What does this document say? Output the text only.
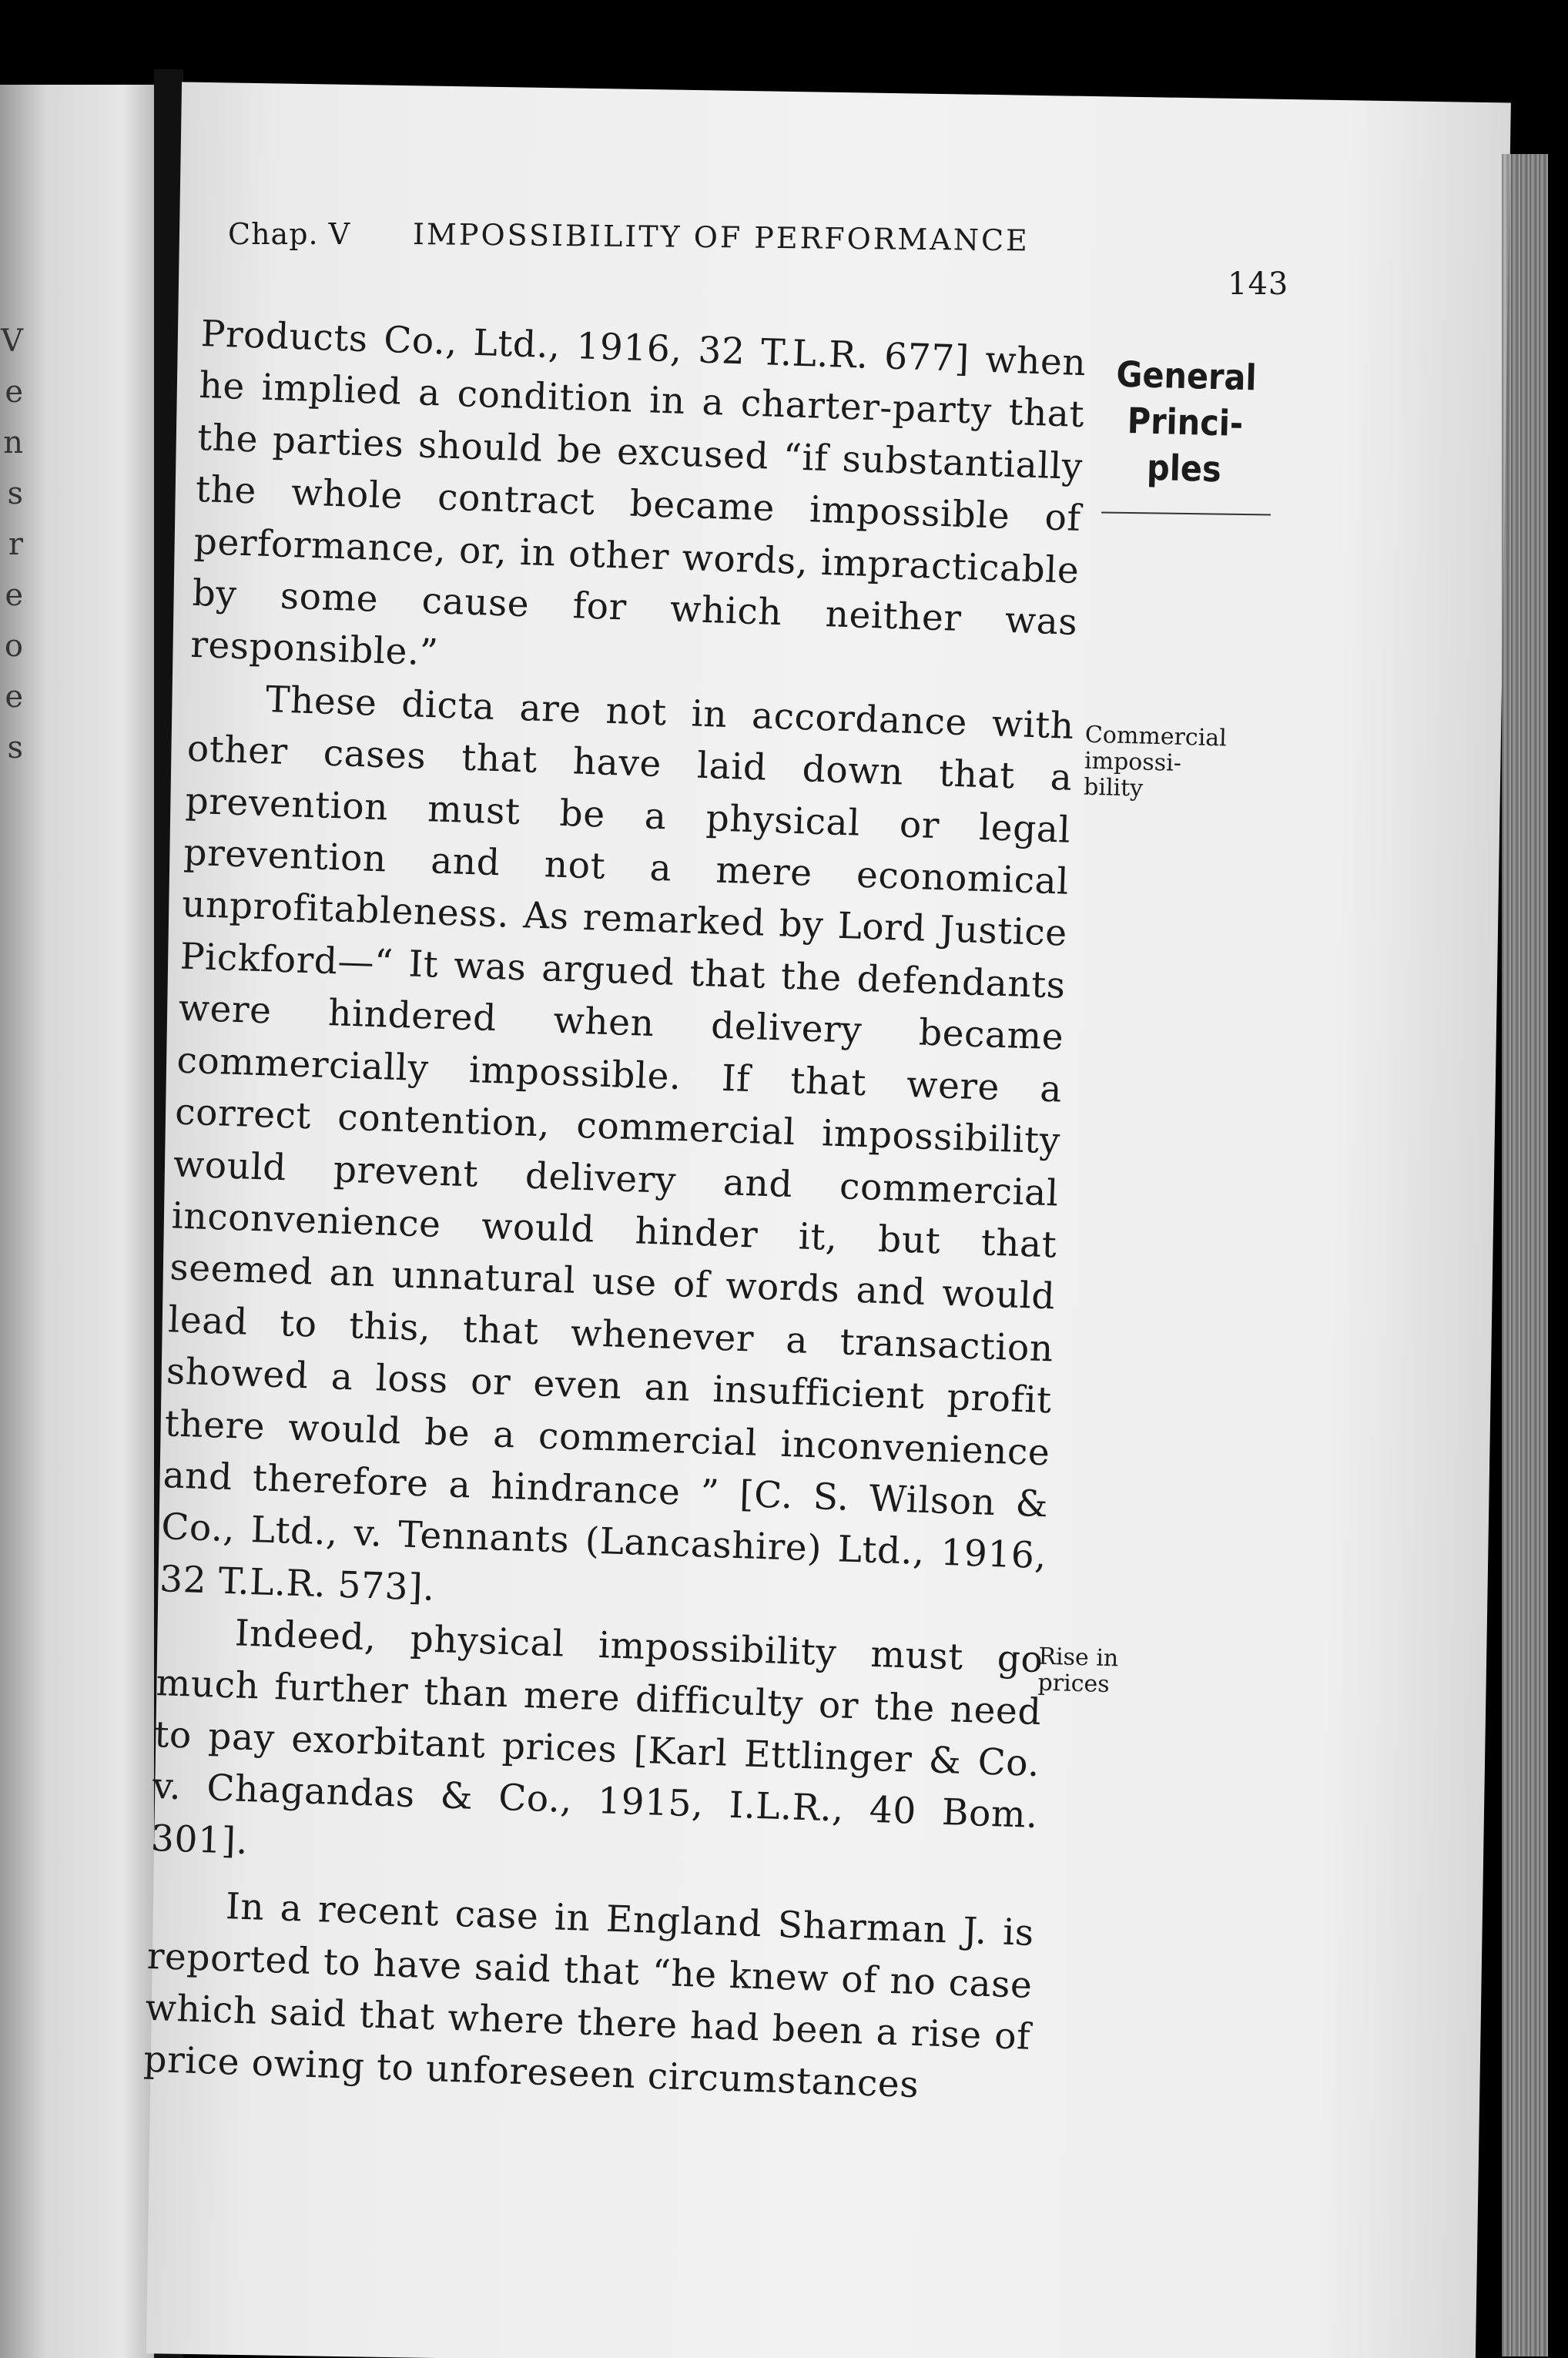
V
e
n
s
r
e
o
e
s
Chap. V IMPOSSIBILITY OF PERFORMANCE
143
General
Princi-
ples
Commercial
impossi-
bility
Rise in
prices

Products Co., Ltd., 1916, 32 T.L.R. 677] when he implied a condition in a charter-party that the parties should be excused “if substantially the whole contract became impossible of performance, or, in other words, impracticable by some cause for which neither was responsible.”

These dicta are not in accordance with other cases that have laid down that a prevention must be a physical or legal prevention and not a mere economical unprofitableness. As remarked by Lord Justice Pickford—“ It was argued that the defendants were hindered when delivery became commercially impossible. If that were a correct contention, commercial impossibility would prevent delivery and commercial inconvenience would hinder it, but that seemed an unnatural use of words and would lead to this, that whenever a transaction showed a loss or even an insufficient profit there would be a commercial inconvenience and therefore a hindrance ” [C. S. Wilson & Co., Ltd., v. Tennants (Lancashire) Ltd., 1916, 32 T.L.R. 573].

Indeed, physical impossibility must go much further than mere difficulty or the need to pay exorbitant prices [Karl Ettlinger & Co. v. Chagandas & Co., 1915, I.L.R., 40 Bom. 301].

In a recent case in England Sharman J. is reported to have said that “he knew of no case which said that where there had been a rise of price owing to unforeseen circumstances
